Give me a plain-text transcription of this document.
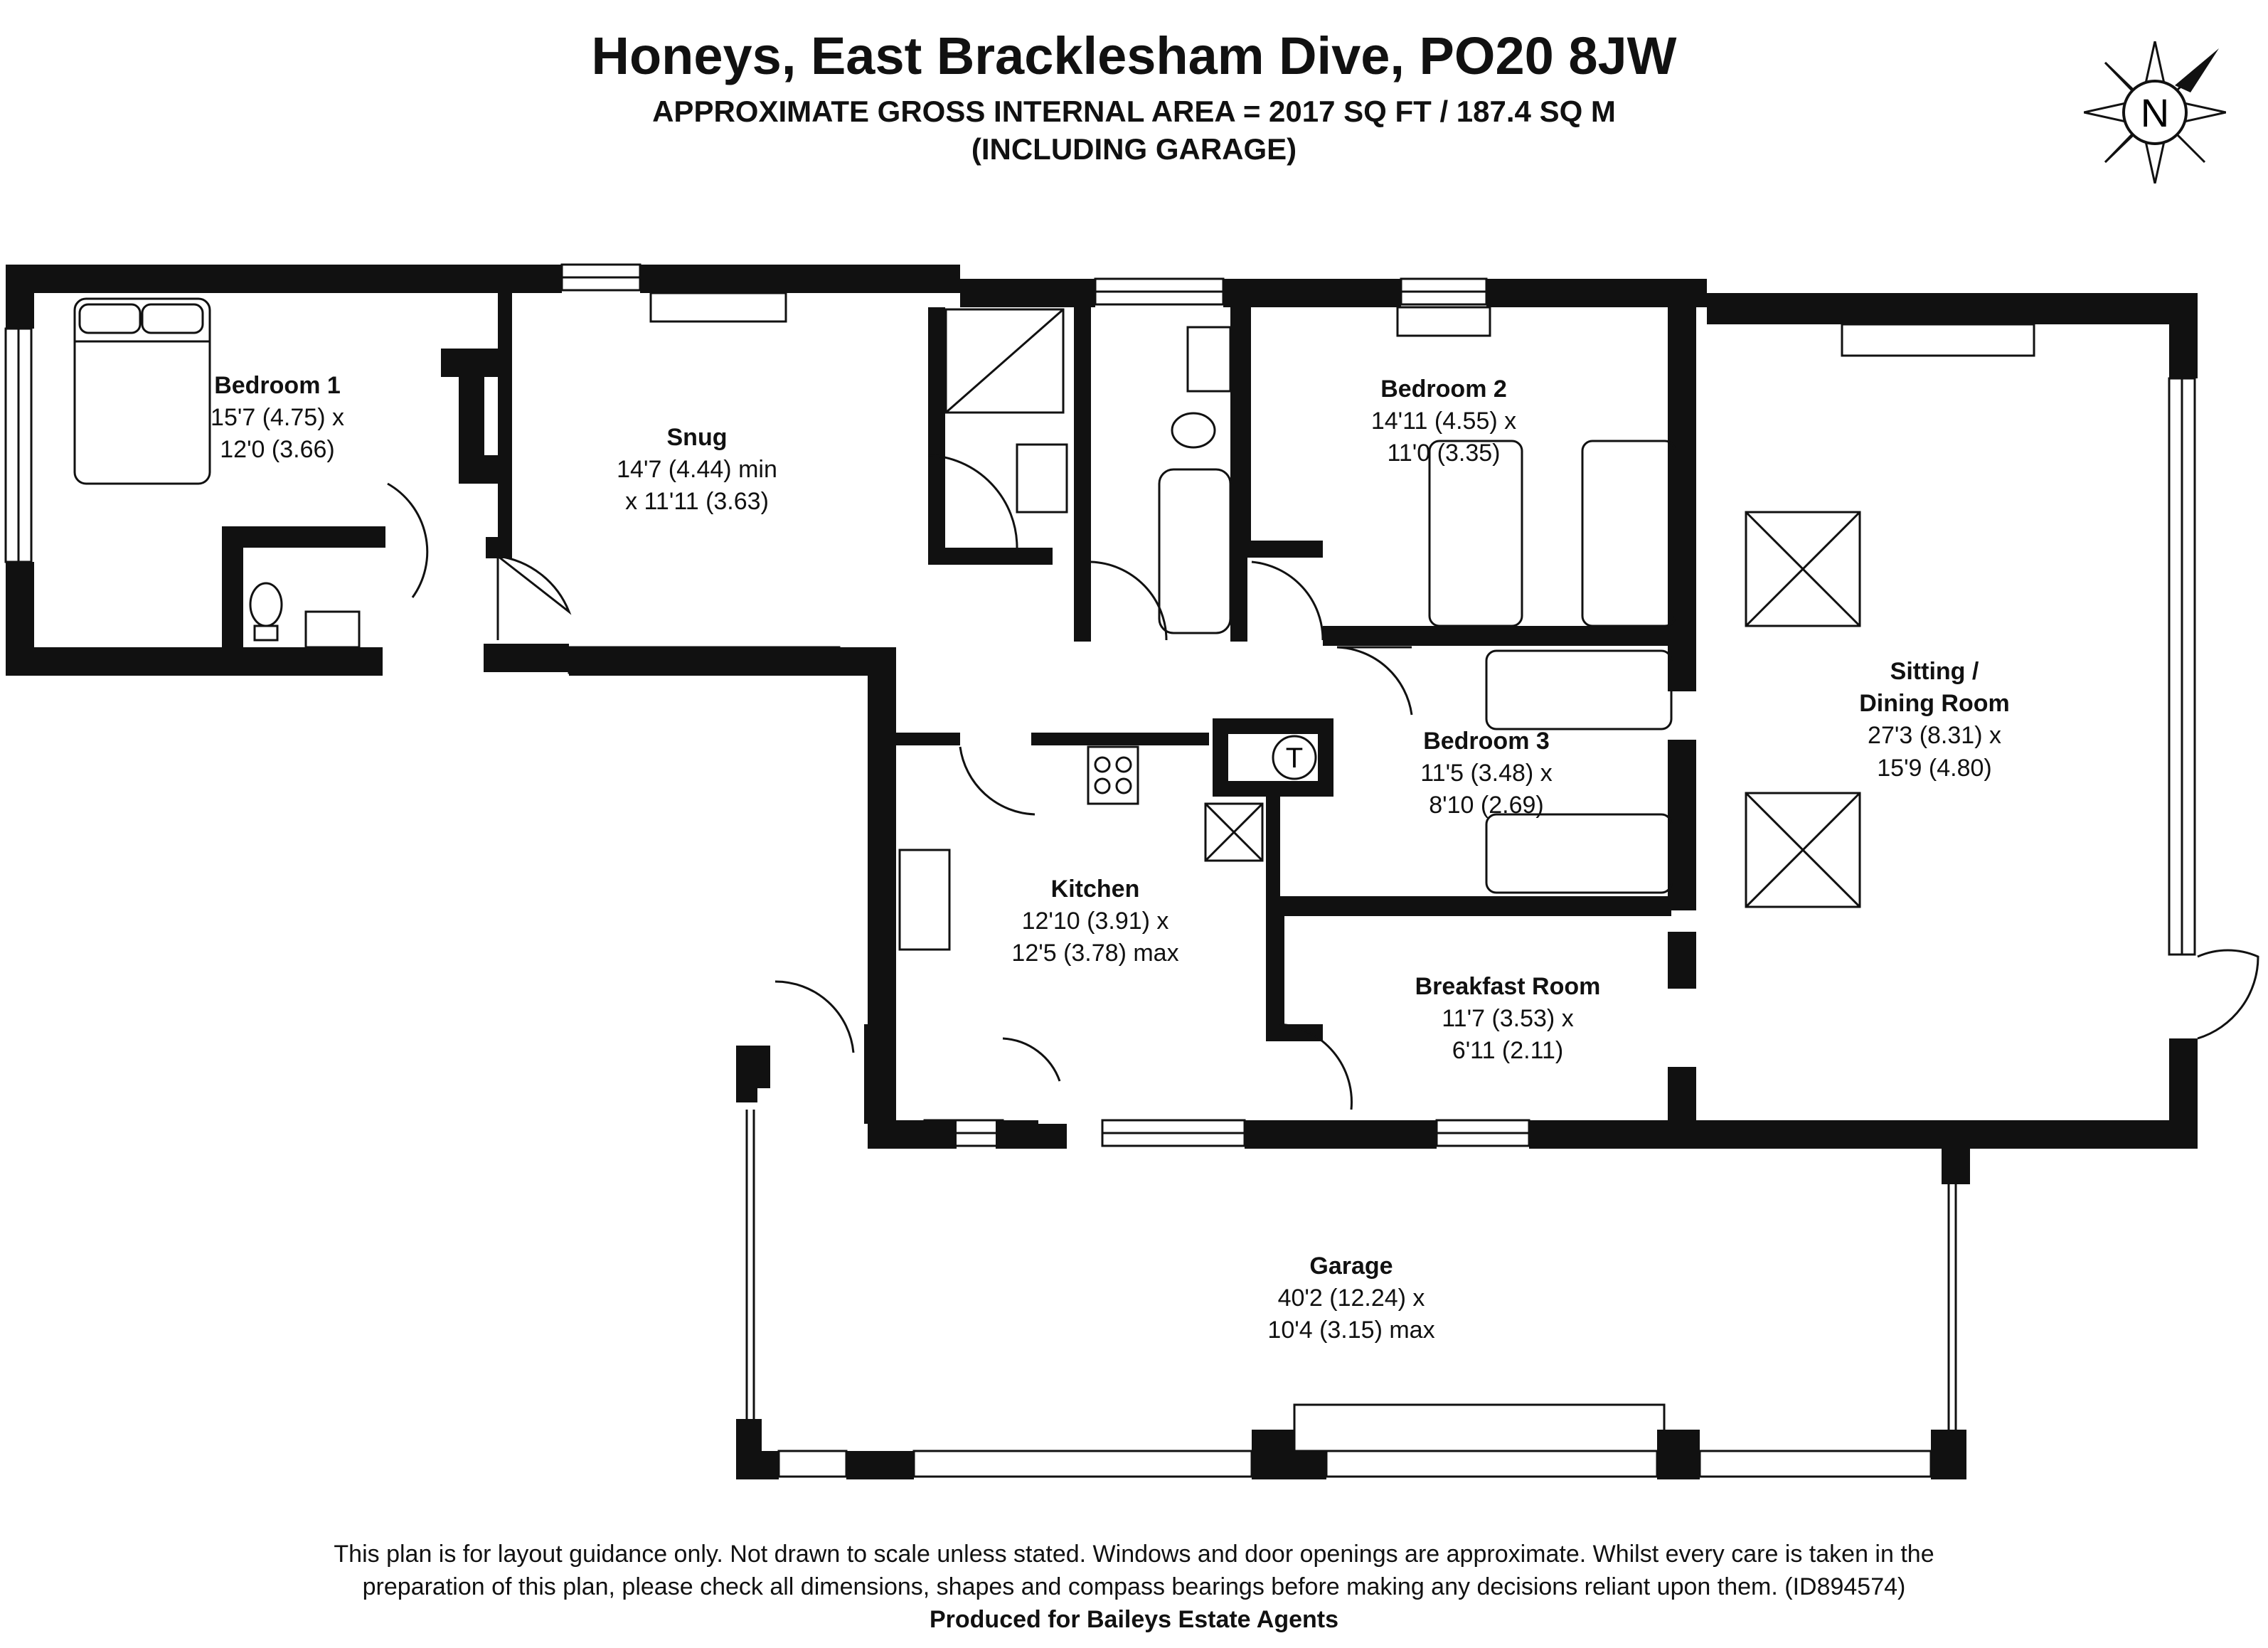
Honeys, East Bracklesham Dive, PO20 8JW
APPROXIMATE GROSS INTERNAL AREA = 2017 SQ FT / 187.4 SQ M
(INCLUDING GARAGE)
N
T
Bedroom 1
15'7 (4.75) x
12'0 (3.66)	Snug
14'7 (4.44) min
x 11'11 (3.63)
Bedroom 2
14'11 (4.55) x
11'0 (3.35)
Sitting /
Dining Room
27'3 (8.31) x
15'9 (4.80)
Bedroom 3
11'5 (3.48) x
8'10 (2.69)
Kitchen
12'10 (3.91) x
12'5 (3.78) max
Breakfast Room
11'7 (3.53) x
6'11 (2.11)
Garage
40'2 (12.24) x
10'4 (3.15) max
This plan is for layout guidance only. Not drawn to scale unless stated. Windows and door openings are approximate. Whilst every care is taken in the
preparation of this plan, please check all dimensions, shapes and compass bearings before making any decisions reliant upon them. (ID894574)
Produced for Baileys Estate Agents
